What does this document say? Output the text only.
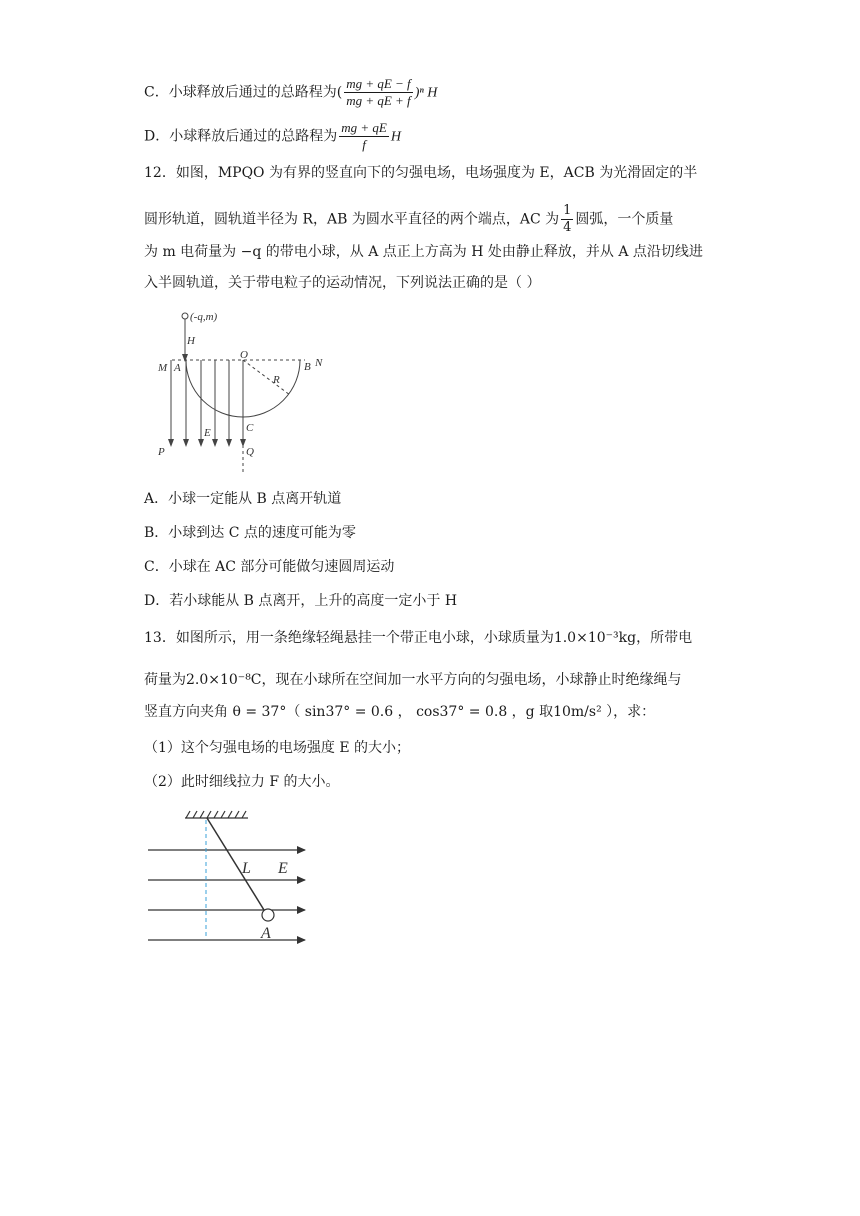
C．小球释放后通过的总路程为( $\frac{mg + qE - f}{mg + qE + f} )^n$ H
D．小球释放后通过的总路程为 $\frac{mg + qE}{f}$ H
12．如图，MPQO 为有界的竖直向下的匀强电场，电场强度为 E，ACB 为光滑固定的半
圆形轨道，圆轨道半径为 R，AB 为圆水平直径的两个端点，AC 为 $\frac{1}{4}$ 圆弧，一个质量
为 m 电荷量为 −q 的带电小球，从 A 点正上方高为 H 处由静止释放，并从 A 点沿切线进
入半圆轨道，关于带电粒子的运动情况，下列说法正确的是（ ）
(-q,m)
H
M A
O
B N
R
E	C
P	Q
A．小球一定能从 B 点离开轨道
B．小球到达 C 点的速度可能为零
C．小球在 AC 部分可能做匀速圆周运动
D．若小球能从 B 点离开，上升的高度一定小于 H
13．如图所示，用一条绝缘轻绳悬挂一个带正电小球，小球质量为1.0×10⁻³kg，所带电
荷量为2.0×10⁻⁸C，现在小球所在空间加一水平方向的匀强电场，小球静止时绝缘绳与
竖直方向夹角 θ = 37°（ sin37° = 0.6 ， cos37° = 0.8 ，g 取10m/s² ），求：
（1）这个匀强电场的电场强度 E 的大小；
（2）此时细线拉力 F 的大小。
L E
A
